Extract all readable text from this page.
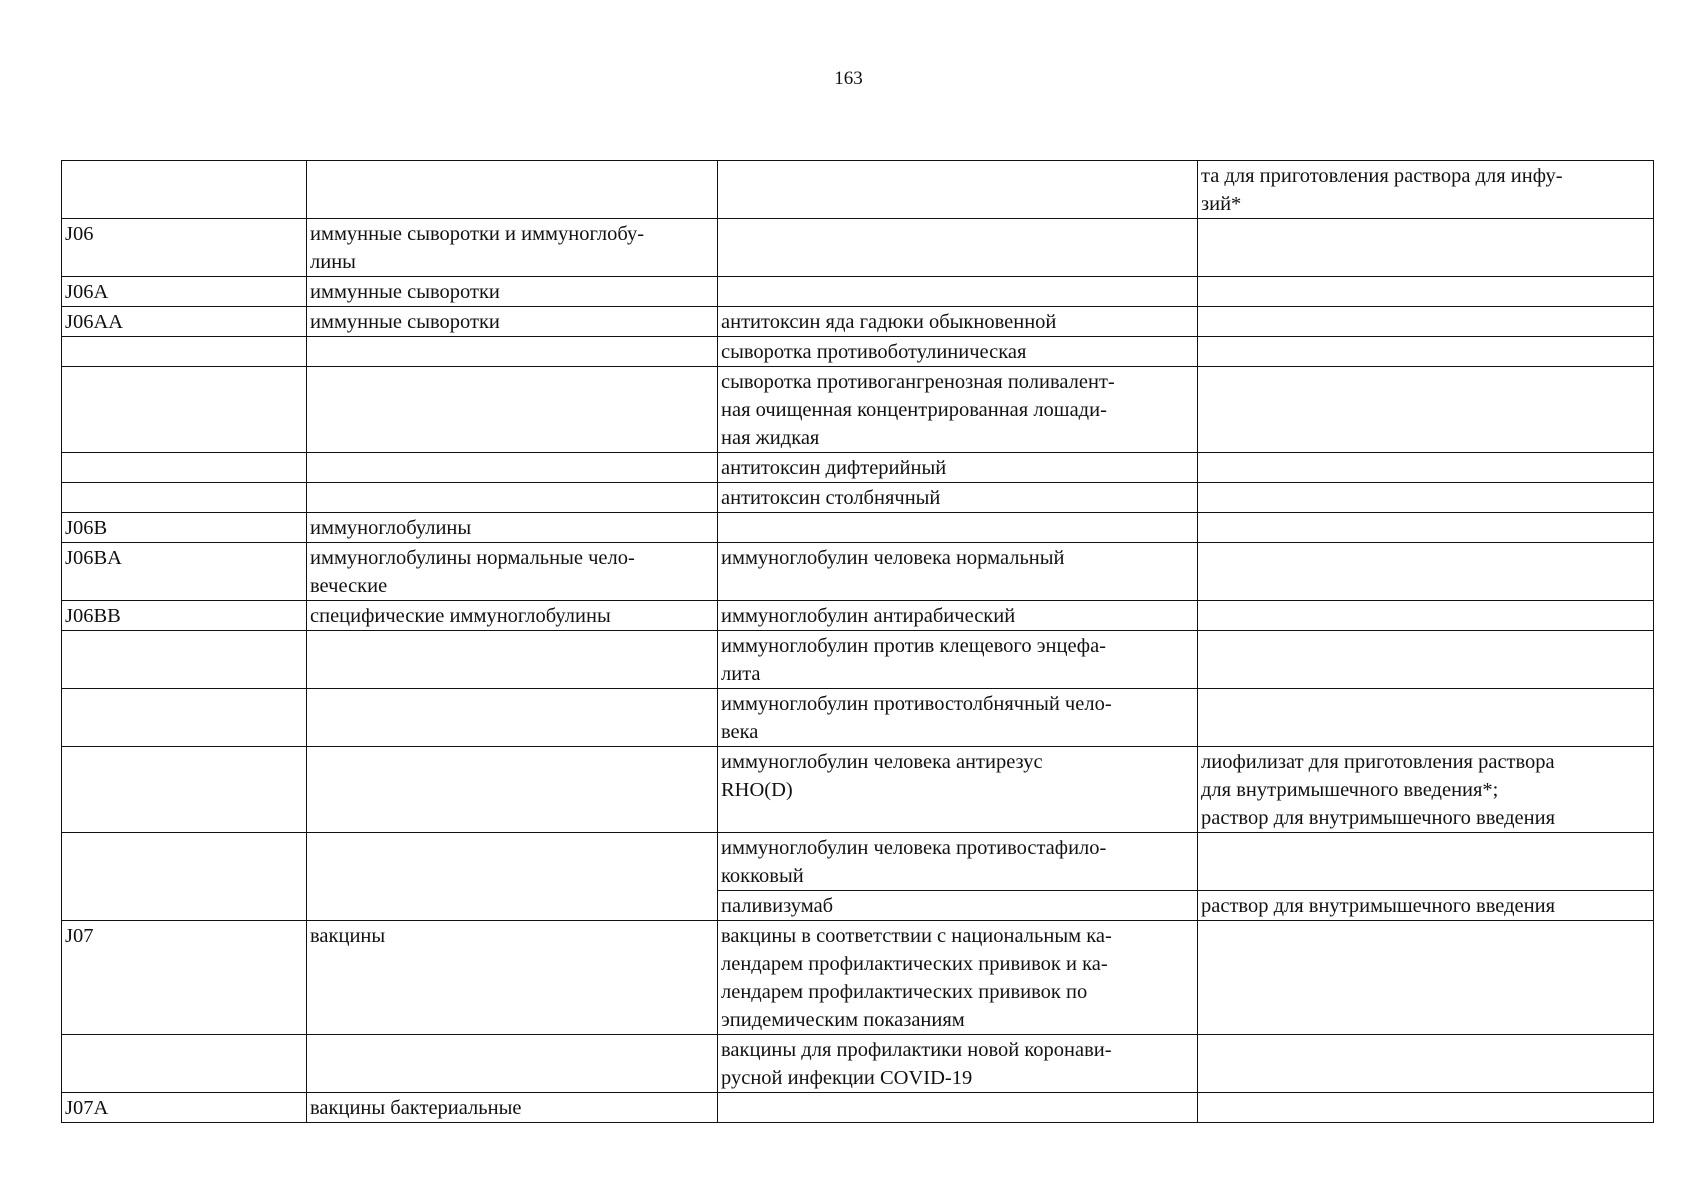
163
			та для приготовления раствора для инфу-
зий*
J06	иммунные сыворотки и иммуноглобу-
лины		
J06A	иммунные сыворотки		
J06AA	иммунные сыворотки	антитоксин яда гадюки обыкновенной	
		сыворотка противоботулиническая	
		сыворотка противогангренозная поливалент-
ная очищенная концентрированная лошади-
ная жидкая	
		антитоксин дифтерийный	
		антитоксин столбнячный	
J06B	иммуноглобулины		
J06BA	иммуноглобулины нормальные чело-
веческие	иммуноглобулин человека нормальный	
J06BB	специфические иммуноглобулины	иммуноглобулин антирабический	
		иммуноглобулин против клещевого энцефа-
лита	
		иммуноглобулин противостолбнячный чело-
века	
		иммуноглобулин человека антирезус
RHO(D)	лиофилизат для приготовления раствора
для внутримышечного введения*;
раствор для внутримышечного введения
		иммуноглобулин человека противостафило-
кокковый	
		паливизумаб	раствор для внутримышечного введения
J07	вакцины	вакцины в соответствии с национальным ка-
лендарем профилактических прививок и ка-
лендарем профилактических прививок по
эпидемическим показаниям	
		вакцины для профилактики новой коронави-
русной инфекции COVID-19	
J07A	вакцины бактериальные		
